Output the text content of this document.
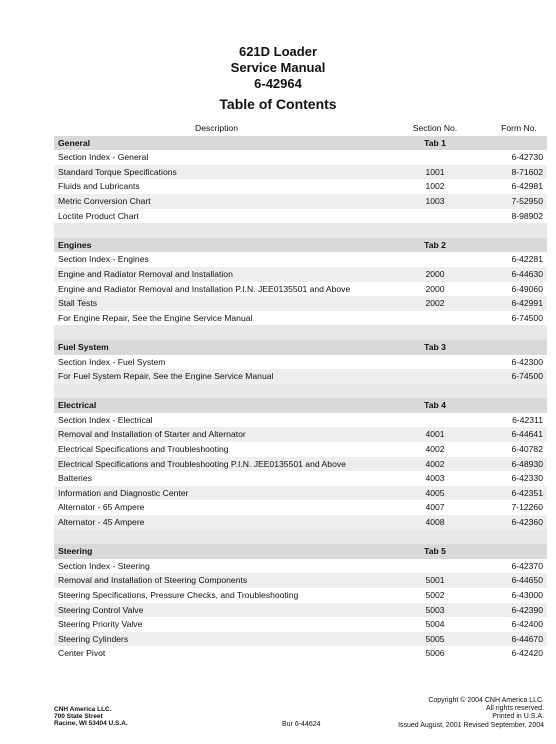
621D Loader
Service Manual
6-42964
Table of Contents
Description	Section No.	Form No.
General	Tab 1	
Section Index - General		6-42730
Standard Torque Specifications	1001	8-71602
Fluids and Lubricants	1002	6-42981
Metric Conversion Chart	1003	7-52950
Loctite Product Chart		8-98902

Engines	Tab 2	
Section Index - Engines		6-42281
Engine and Radiator Removal and Installation	2000	6-44630
Engine and Radiator Removal and Installation P.I.N. JEE0135501 and Above	2000	6-49060
Stall Tests	2002	6-42991
For Engine Repair, See the Engine Service Manual		6-74500

Fuel System	Tab 3	
Section Index - Fuel System		6-42300
For Fuel System Repair, See the Engine Service Manual		6-74500

Electrical	Tab 4	
Section Index - Electrical		6-42311
Removal and Installation of Starter and Alternator	4001	6-44641
Electrical Specifications and Troubleshooting	4002	6-40782
Electrical Specifications and Troubleshooting P.I.N. JEE0135501 and Above	4002	6-48930
Batteries	4003	6-42330
Information and Diagnostic Center	4005	6-42351
Alternator - 65 Ampere	4007	7-12260
Alternator - 45 Ampere	4008	6-42360

Steering	Tab 5	
Section Index - Steering		6-42370
Removal and Installation of Steering Components	5001	6-44650
Steering Specifications, Pressure Checks, and Troubleshooting	5002	6-43000
Steering Control Valve	5003	6-42390
Steering Priority Valve	5004	6-42400
Steering Cylinders	5005	6-44670
Center Pivot	5006	6-42420
CNH America LLC.
700 State Street
Racine, WI 53404 U.S.A.	Bur 6-44624
Copyright © 2004 CNH America LLC.
All rights reserved.
Printed in U.S.A.
Issued August, 2001 Revised September, 2004
